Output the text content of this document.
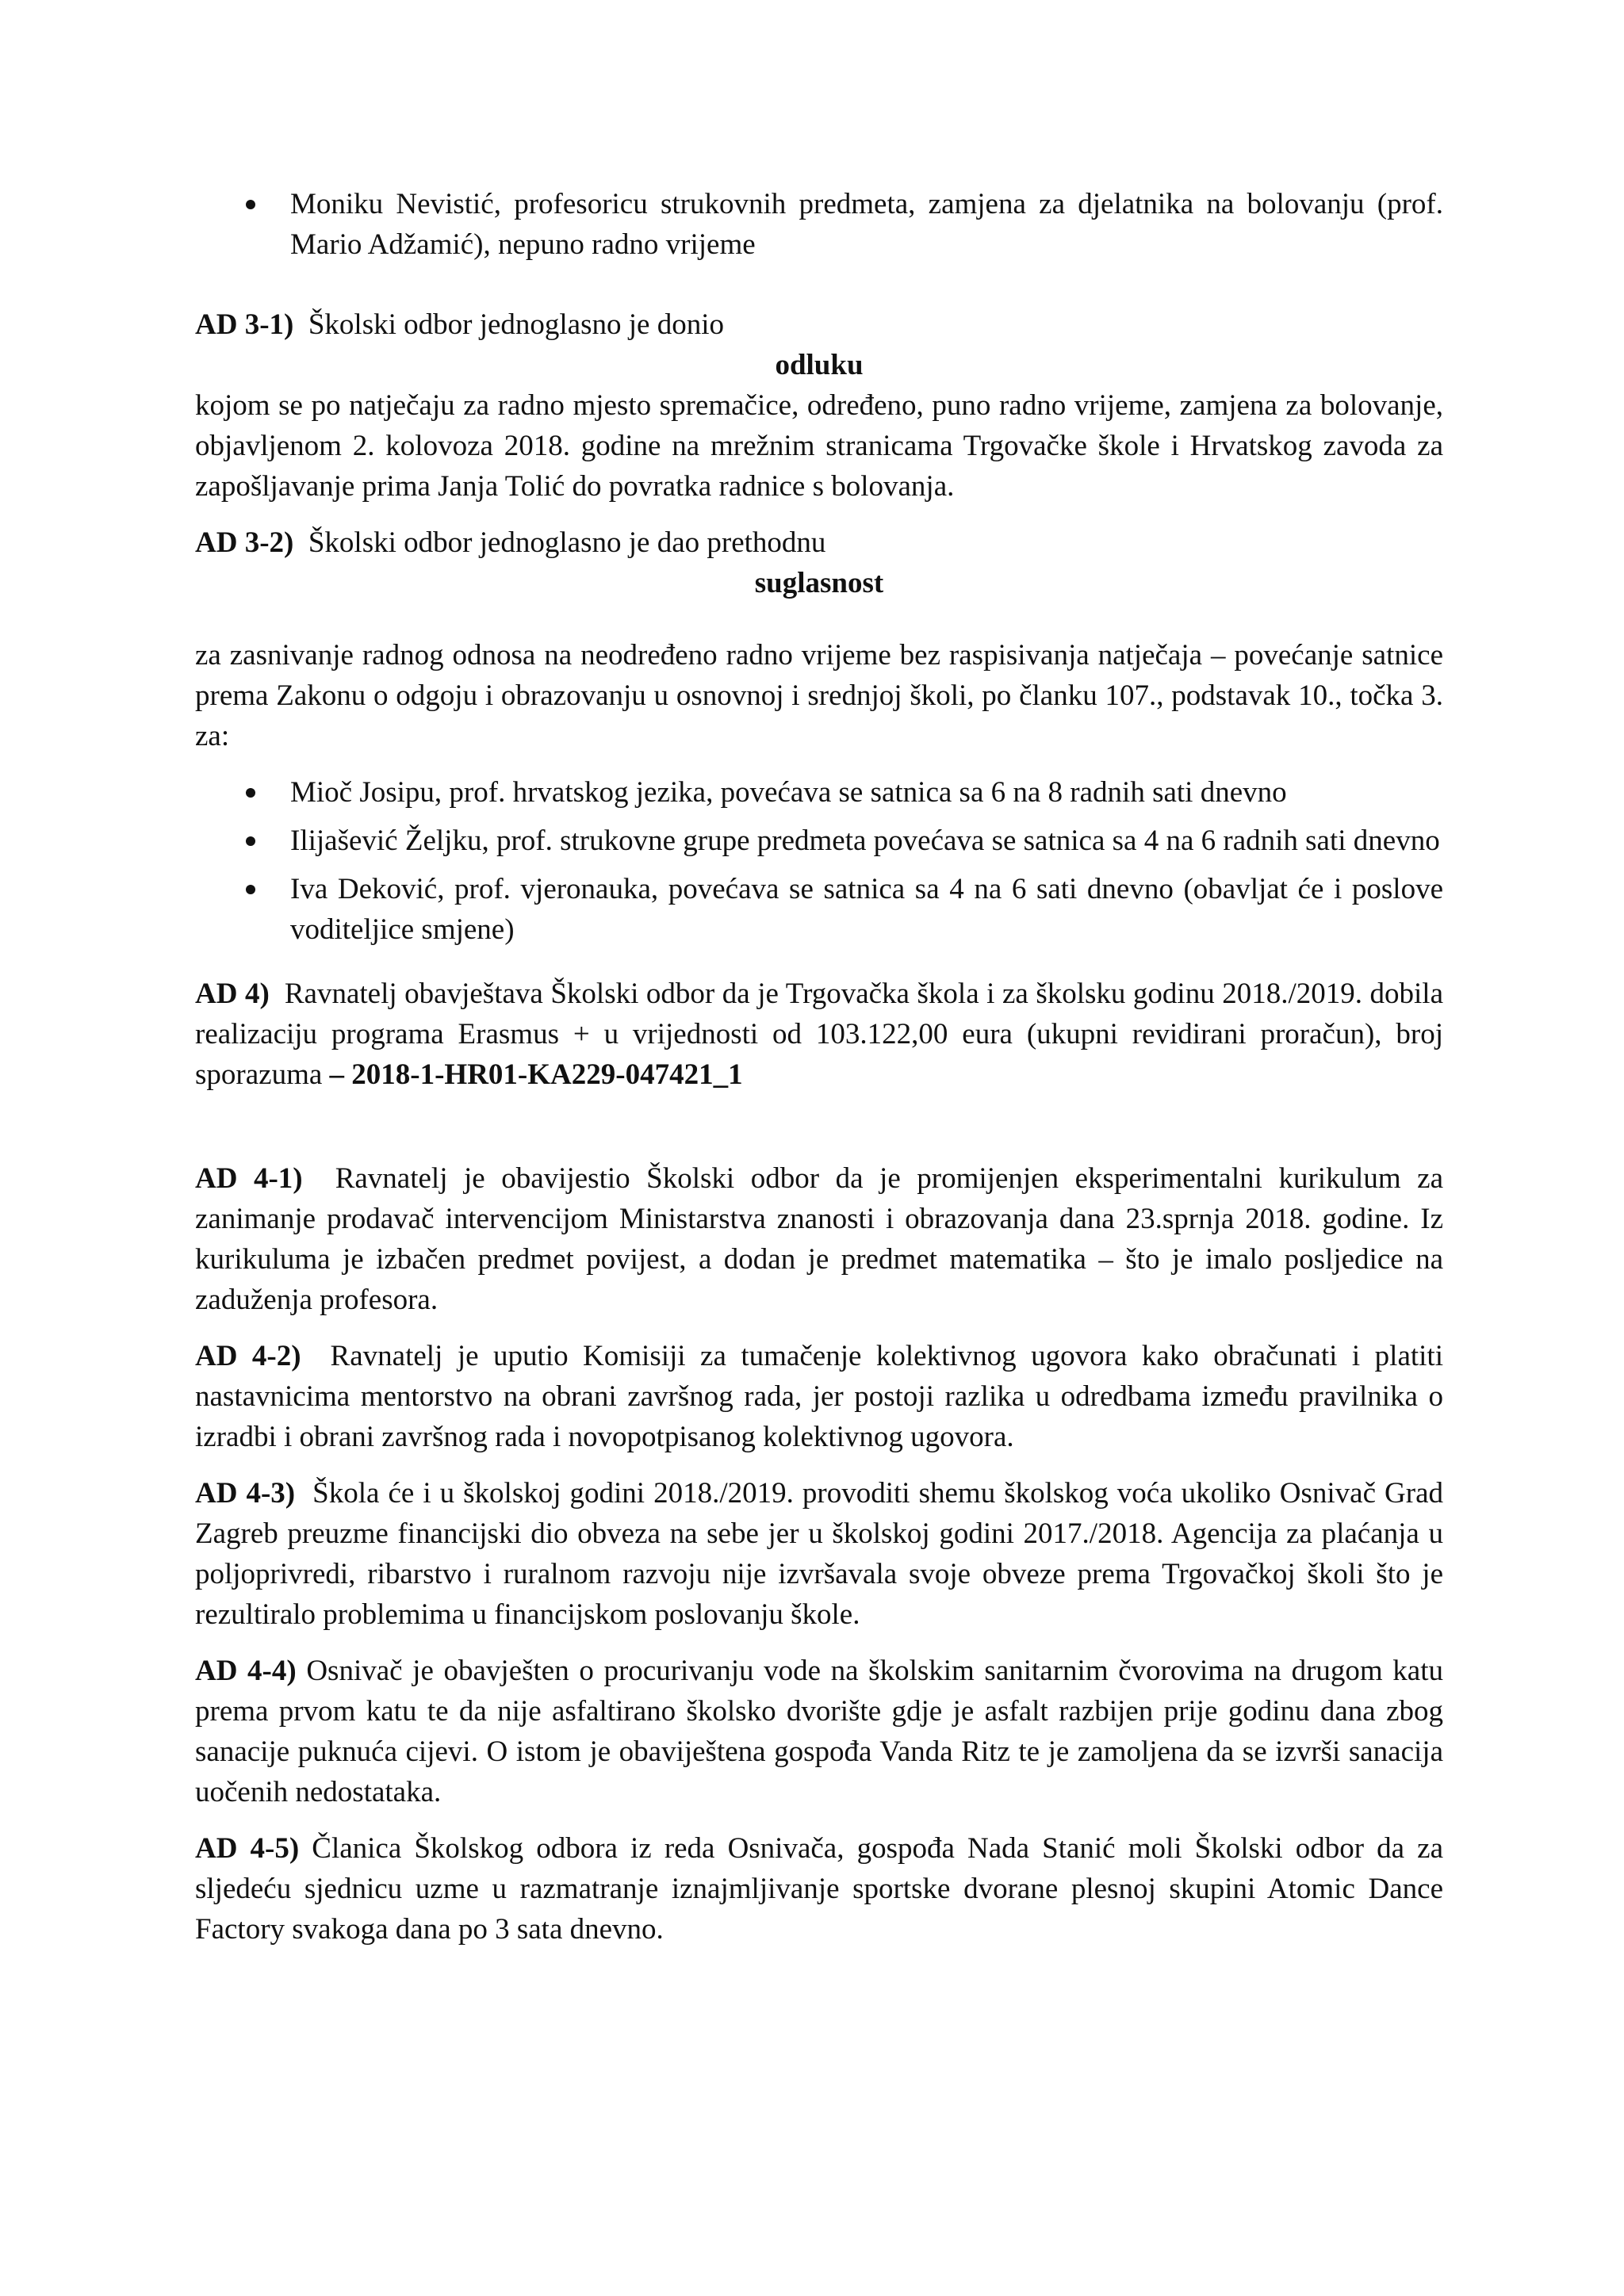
Moniku Nevistić, profesoricu strukovnih predmeta, zamjena za djelatnika na bolovanju (prof. Mario Adžamić), nepuno radno vrijeme

AD 3-1) Školski odbor jednoglasno je donio

odluku

kojom se po natječaju za radno mjesto spremačice, određeno, puno radno vrijeme, zamjena za bolovanje, objavljenom 2. kolovoza 2018. godine na mrežnim stranicama Trgovačke škole i Hrvatskog zavoda za zapošljavanje prima Janja Tolić do povratka radnice s bolovanja.

AD 3-2) Školski odbor jednoglasno je dao prethodnu

suglasnost

za zasnivanje radnog odnosa na neodređeno radno vrijeme bez raspisivanja natječaja – povećanje satnice prema Zakonu o odgoju i obrazovanju u osnovnoj i srednjoj školi, po članku 107., podstavak 10., točka 3. za:

Mioč Josipu, prof. hrvatskog jezika, povećava se satnica sa 6 na 8 radnih sati dnevno
Ilijašević Željku, prof. strukovne grupe predmeta povećava se satnica sa 4 na 6 radnih sati dnevno
Iva Deković, prof. vjeronauka, povećava se satnica sa 4 na 6 sati dnevno (obavljat će i poslove voditeljice smjene)

AD 4) Ravnatelj obavještava Školski odbor da je Trgovačka škola i za školsku godinu 2018./2019. dobila realizaciju programa Erasmus + u vrijednosti od 103.122,00 eura (ukupni revidirani proračun), broj sporazuma – 2018-1-HR01-KA229-047421_1

AD 4-1) Ravnatelj je obavijestio Školski odbor da je promijenjen eksperimentalni kurikulum za zanimanje prodavač intervencijom Ministarstva znanosti i obrazovanja dana 23.sprnja 2018. godine. Iz kurikuluma je izbačen predmet povijest, a dodan je predmet matematika – što je imalo posljedice na zaduženja profesora.

AD 4-2) Ravnatelj je uputio Komisiji za tumačenje kolektivnog ugovora kako obračunati i platiti nastavnicima mentorstvo na obrani završnog rada, jer postoji razlika u odredbama između pravilnika o izradbi i obrani završnog rada i novopotpisanog kolektivnog ugovora.

AD 4-3) Škola će i u školskoj godini 2018./2019. provoditi shemu školskog voća ukoliko Osnivač Grad Zagreb preuzme financijski dio obveza na sebe jer u školskoj godini 2017./2018. Agencija za plaćanja u poljoprivredi, ribarstvo i ruralnom razvoju nije izvršavala svoje obveze prema Trgovačkoj školi što je rezultiralo problemima u financijskom poslovanju škole.

AD 4-4) Osnivač je obavješten o procurivanju vode na školskim sanitarnim čvorovima na drugom katu prema prvom katu te da nije asfaltirano školsko dvorište gdje je asfalt razbijen prije godinu dana zbog sanacije puknuća cijevi. O istom je obaviještena gospođa Vanda Ritz te je zamoljena da se izvrši sanacija uočenih nedostataka.

AD 4-5) Članica Školskog odbora iz reda Osnivača, gospođa Nada Stanić moli Školski odbor da za sljedeću sjednicu uzme u razmatranje iznajmljivanje sportske dvorane plesnoj skupini Atomic Dance Factory svakoga dana po 3 sata dnevno.
